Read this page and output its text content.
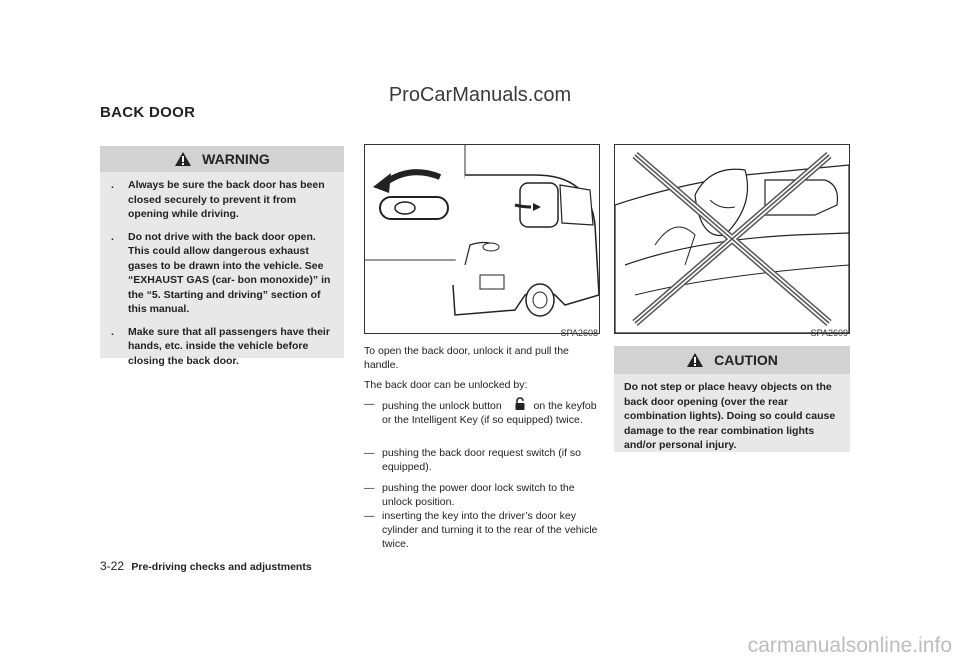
ProCarManuals.com
BACK DOOR
WARNING
. Always be sure the back door has been closed securely to prevent it from opening while driving.
. Do not drive with the back door open. This could allow dangerous exhaust gases to be drawn into the vehicle. See “EXHAUST GAS (car- bon monoxide)” in the “5. Starting and driving” section of this manual.
. Make sure that all passengers have their hands, etc. inside the vehicle before closing the back door.
SPA2608
To open the back door, unlock it and pull the handle.
The back door can be unlocked by:
— pushing the unlock button	on the keyfob or the Intelligent Key (if so equipped) twice.
— pushing the back door request switch (if so equipped).
— pushing the power door lock switch to the unlock position.
— inserting the key into the driver’s door key cylinder and turning it to the rear of the vehicle twice.
SPA2609
CAUTION
Do not step or place heavy objects on the back door opening (over the rear combination lights). Doing so could cause damage to the rear combination lights and/or personal injury.
3-22 Pre-driving checks and adjustments
carmanualsonline.info
